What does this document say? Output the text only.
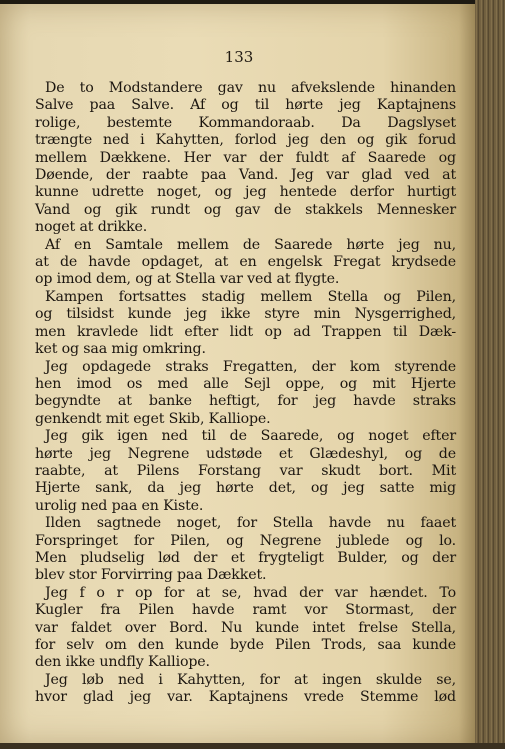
133

De to Modstandere gav nu afvekslende hinanden
Salve paa Salve. Af og til hørte jeg Kaptajnens
rolige, bestemte Kommandoraab. Da Dagslyset
trængte ned i Kahytten, forlod jeg den og gik forud
mellem Dækkene. Her var der fuldt af Saarede og
Døende, der raabte paa Vand. Jeg var glad ved at
kunne udrette noget, og jeg hentede derfor hurtigt
Vand og gik rundt og gav de stakkels Mennesker
noget at drikke.
Af en Samtale mellem de Saarede hørte jeg nu,
at de havde opdaget, at en engelsk Fregat krydsede
op imod dem, og at Stella var ved at flygte.
Kampen fortsattes stadig mellem Stella og Pilen,
og tilsidst kunde jeg ikke styre min Nysgerrighed,
men kravlede lidt efter lidt op ad Trappen til Dæk-
ket og saa mig omkring.
Jeg opdagede straks Fregatten, der kom styrende
hen imod os med alle Sejl oppe, og mit Hjerte
begyndte at banke heftigt, for jeg havde straks
genkendt mit eget Skib, Kalliope.
Jeg gik igen ned til de Saarede, og noget efter
hørte jeg Negrene udstøde et Glædeshyl, og de
raabte, at Pilens Forstang var skudt bort. Mit
Hjerte sank, da jeg hørte det, og jeg satte mig
urolig ned paa en Kiste.
Ilden sagtnede noget, for Stella havde nu faaet
Forspringet for Pilen, og Negrene jublede og lo.
Men pludselig lød der et frygteligt Bulder, og der
blev stor Forvirring paa Dækket.
Jeg f o r op for at se, hvad der var hændet. To
Kugler fra Pilen havde ramt vor Stormast, der
var faldet over Bord. Nu kunde intet frelse Stella,
for selv om den kunde byde Pilen Trods, saa kunde
den ikke undfly Kalliope.
Jeg løb ned i Kahytten, for at ingen skulde se,
hvor glad jeg var. Kaptajnens vrede Stemme lød
